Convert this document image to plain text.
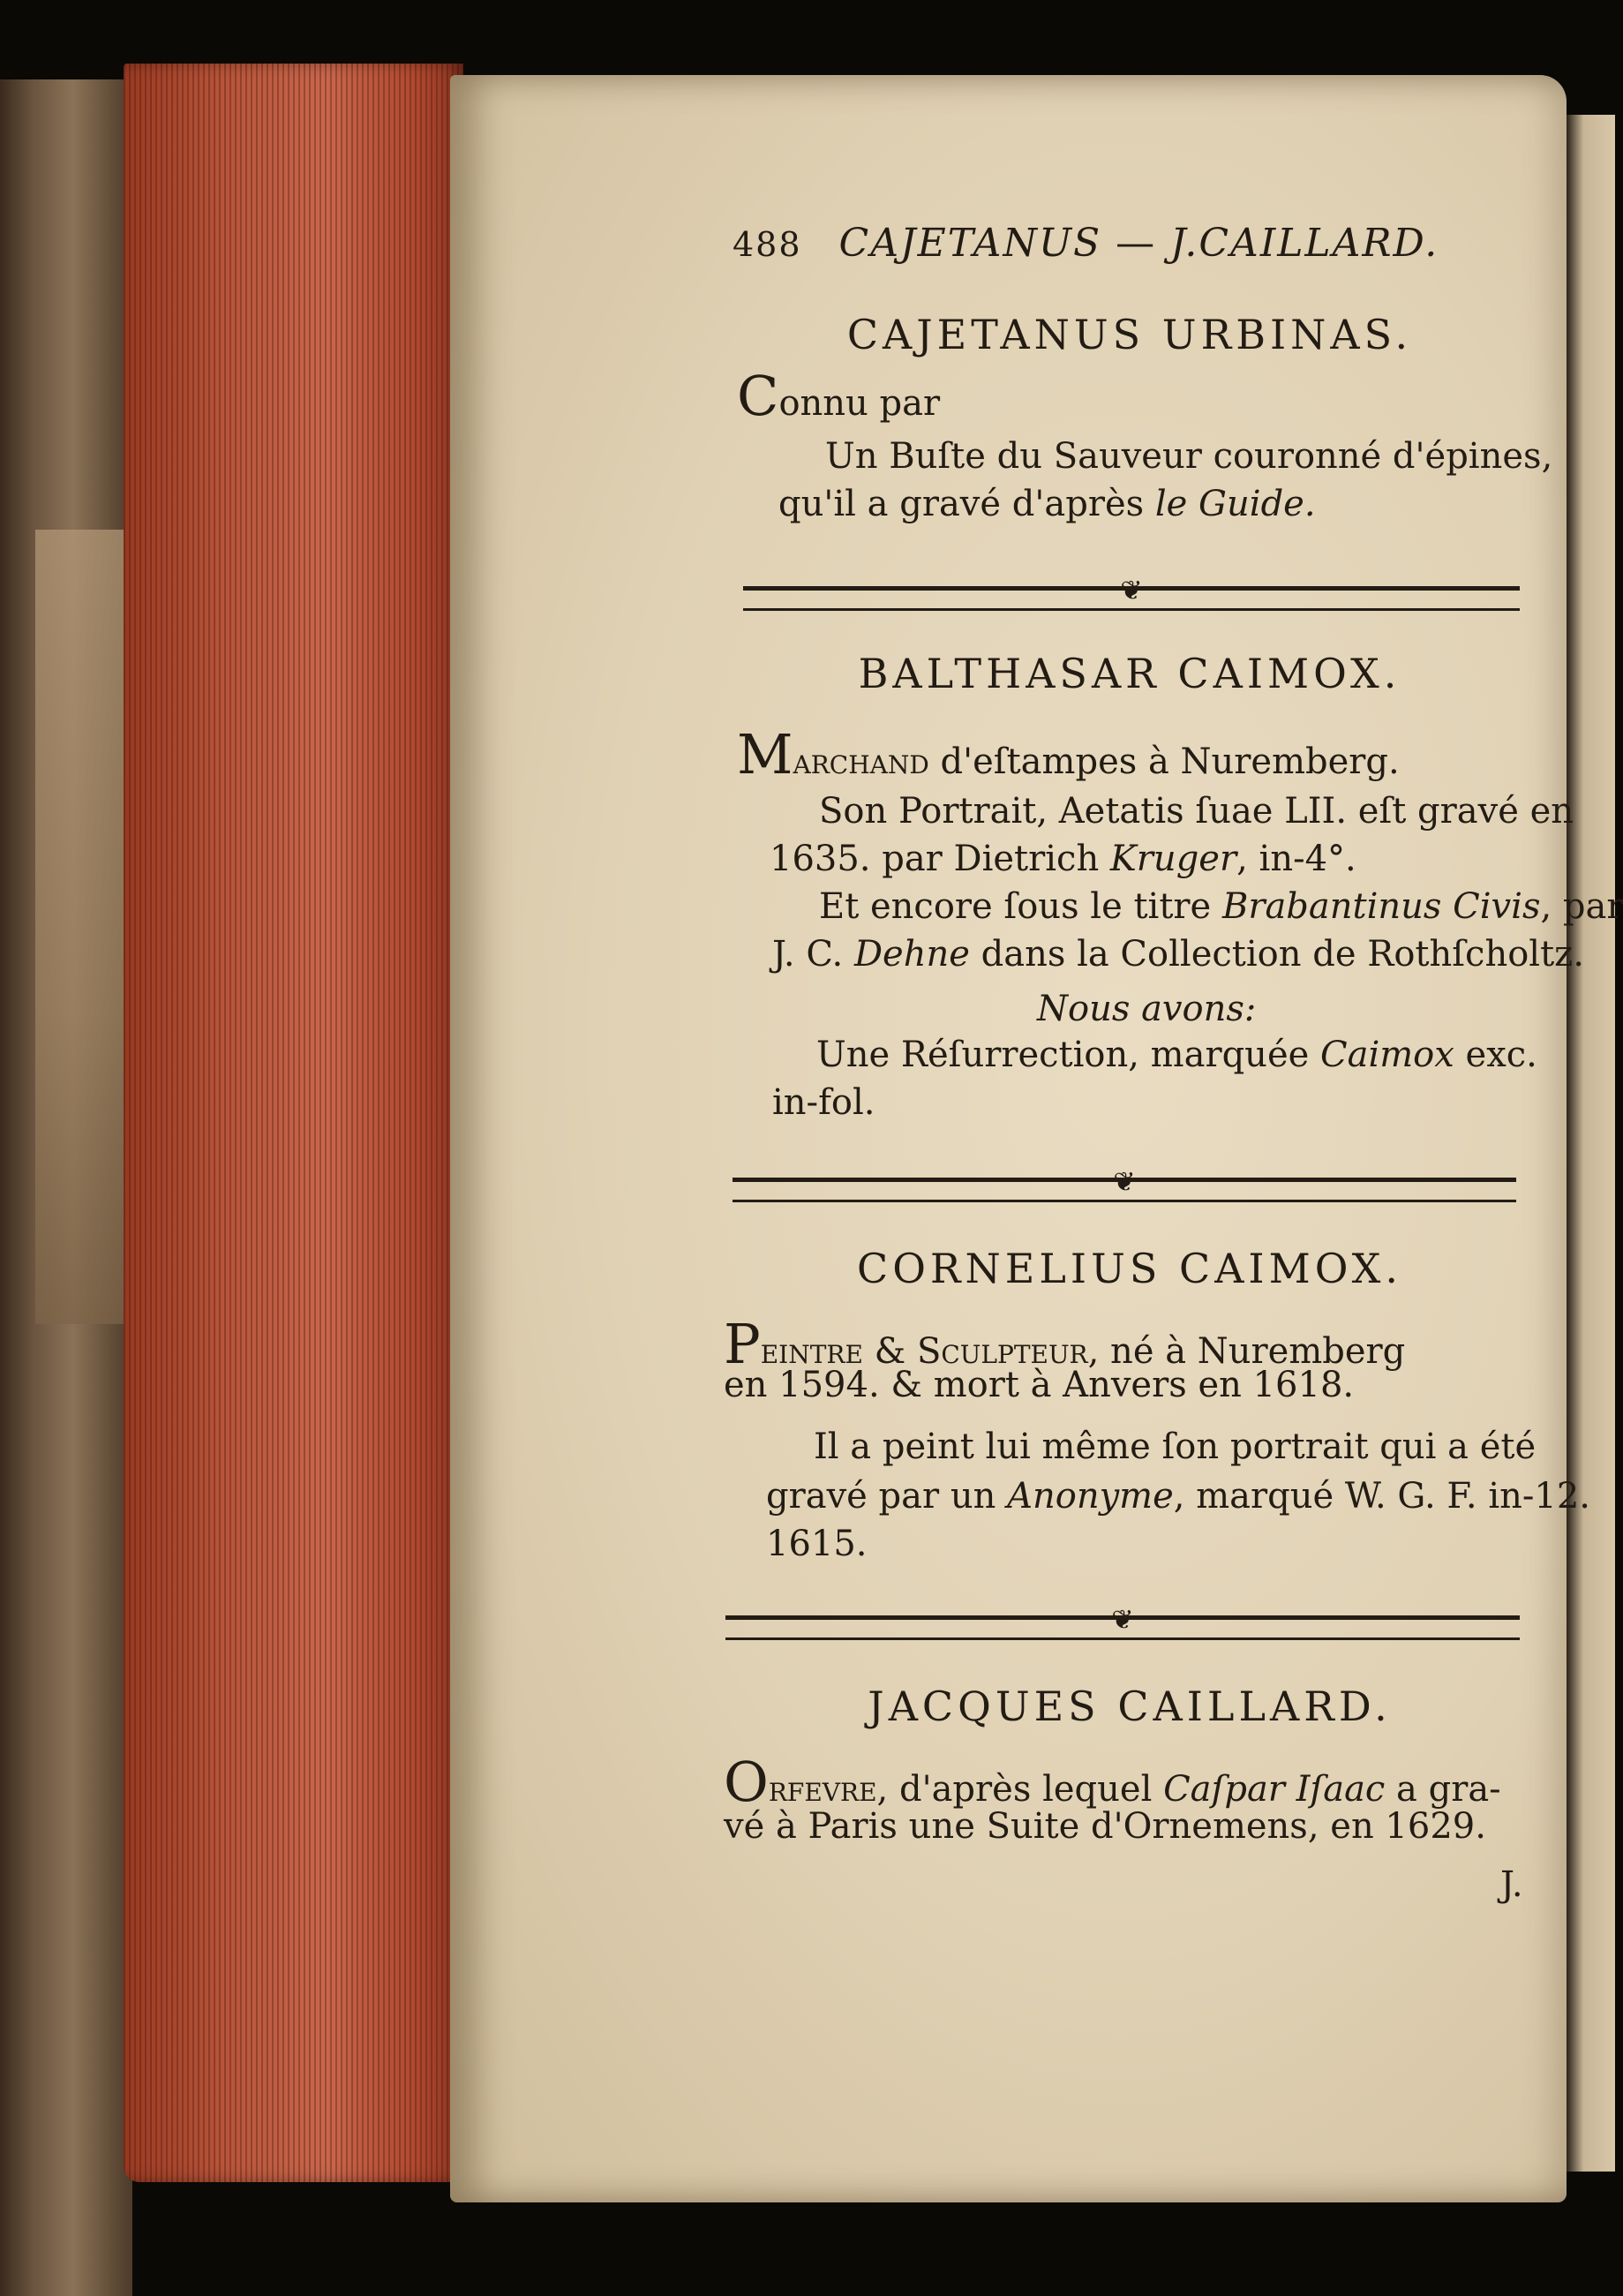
488 CAJETANUS — J.CAILLARD.
CAJETANUS URBINAS.
Connu par
Un Buſte du Sauveur couronné d'épines,
qu'il a gravé d'après le Guide.
❦
BALTHASAR CAIMOX.
Marchand d'eſtampes à Nuremberg.
Son Portrait, Aetatis ſuae LII. eſt gravé en
1635. par Dietrich Kruger, in-4°.
Et encore ſous le titre Brabantinus Civis, par
J. C. Dehne dans la Collection de Rothſcholtz.
Nous avons:
Une Réſurrection, marquée Caimox exc.
in-fol.
❦
CORNELIUS CAIMOX.
Peintre & Sculpteur, né à Nuremberg
en 1594. & mort à Anvers en 1618.
Il a peint lui même ſon portrait qui a été
gravé par un Anonyme, marqué W. G. F. in-12.
1615.
❦
JACQUES CAILLARD.
Orfevre, d'après lequel Caſpar Iſaac a gra-
vé à Paris une Suite d'Ornemens, en 1629.
J.
